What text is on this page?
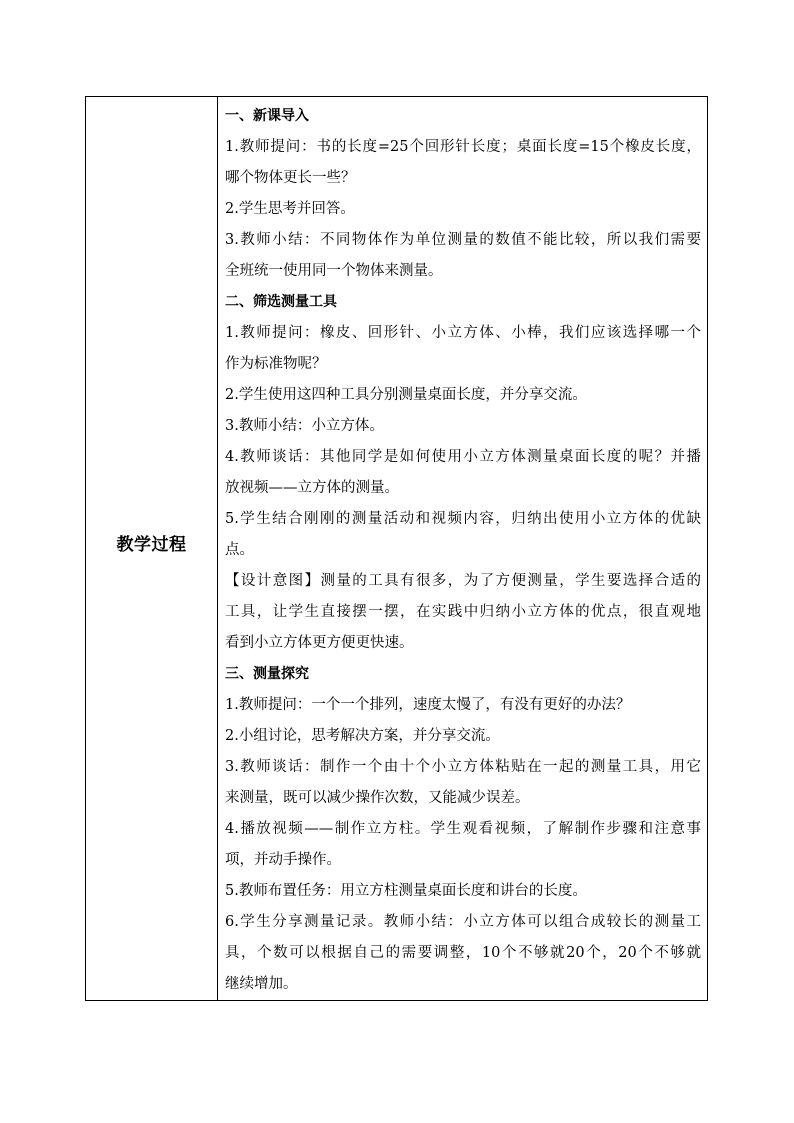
教学过程
一、新课导入
1.教师提问：书的长度=25个回形针长度；桌面长度=15个橡皮长度，
哪个物体更长一些？
2.学生思考并回答。
3.教师小结：不同物体作为单位测量的数值不能比较，所以我们需要
全班统一使用同一个物体来测量。
二、筛选测量工具
1.教师提问：橡皮、回形针、小立方体、小棒，我们应该选择哪一个
作为标准物呢？
2.学生使用这四种工具分别测量桌面长度，并分享交流。
3.教师小结：小立方体。
4.教师谈话：其他同学是如何使用小立方体测量桌面长度的呢？并播
放视频——立方体的测量。
5.学生结合刚刚的测量活动和视频内容，归纳出使用小立方体的优缺
点。
【设计意图】测量的工具有很多，为了方便测量，学生要选择合适的
工具，让学生直接摆一摆，在实践中归纳小立方体的优点，很直观地
看到小立方体更方便更快速。
三、测量探究
1.教师提问：一个一个排列，速度太慢了，有没有更好的办法？
2.小组讨论，思考解决方案，并分享交流。
3.教师谈话：制作一个由十个小立方体粘贴在一起的测量工具，用它
来测量，既可以减少操作次数，又能减少误差。
4.播放视频——制作立方柱。学生观看视频，了解制作步骤和注意事
项，并动手操作。
5.教师布置任务：用立方柱测量桌面长度和讲台的长度。
6.学生分享测量记录。教师小结：小立方体可以组合成较长的测量工
具，个数可以根据自己的需要调整，10个不够就20个，20个不够就
继续增加。
